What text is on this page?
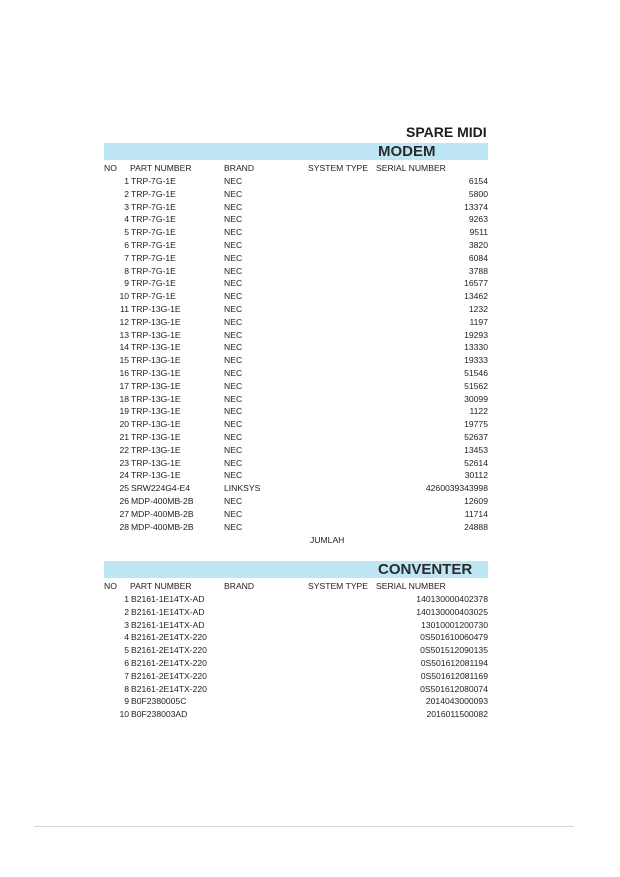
SPARE MIDI
MODEM
NO PART NUMBER	BRAND	SYSTEM TYPE SERIAL NUMBER
1 TRP-7G-1E	NEC	6154
2 TRP-7G-1E	NEC	5800
3 TRP-7G-1E	NEC	13374
4 TRP-7G-1E	NEC	9263
5 TRP-7G-1E	NEC	9511
6 TRP-7G-1E	NEC	3820
7 TRP-7G-1E	NEC	6084
8 TRP-7G-1E	NEC	3788
9 TRP-7G-1E	NEC	16577
10 TRP-7G-1E	NEC	13462
11 TRP-13G-1E	NEC	1232
12 TRP-13G-1E	NEC	1197
13 TRP-13G-1E	NEC	19293
14 TRP-13G-1E	NEC	13330
15 TRP-13G-1E	NEC	19333
16 TRP-13G-1E	NEC	51546
17 TRP-13G-1E	NEC	51562
18 TRP-13G-1E	NEC	30099
19 TRP-13G-1E	NEC	1122
20 TRP-13G-1E	NEC	19775
21 TRP-13G-1E	NEC	52637
22 TRP-13G-1E	NEC	13453
23 TRP-13G-1E	NEC	52614
24 TRP-13G-1E	NEC	30112
25 SRW224G4-E4	LINKSYS	4260039343998
26 MDP-400MB-2B	NEC	12609
27 MDP-400MB-2B	NEC	11714
28 MDP-400MB-2B	NEC	24888
JUMLAH
CONVENTER
NO PART NUMBER	BRAND	SYSTEM TYPE SERIAL NUMBER
1 B2161-1E14TX-AD	140130000402378
2 B2161-1E14TX-AD	140130000403025
3 B2161-1E14TX-AD	13010001200730
4 B2161-2E14TX-220	0S501610060479
5 B2161-2E14TX-220	0S501512090135
6 B2161-2E14TX-220	0S501612081194
7 B2161-2E14TX-220	0S501612081169
8 B2161-2E14TX-220	0S501612080074
9 B0F2380005C	2014043000093
10 B0F238003AD	2016011500082
